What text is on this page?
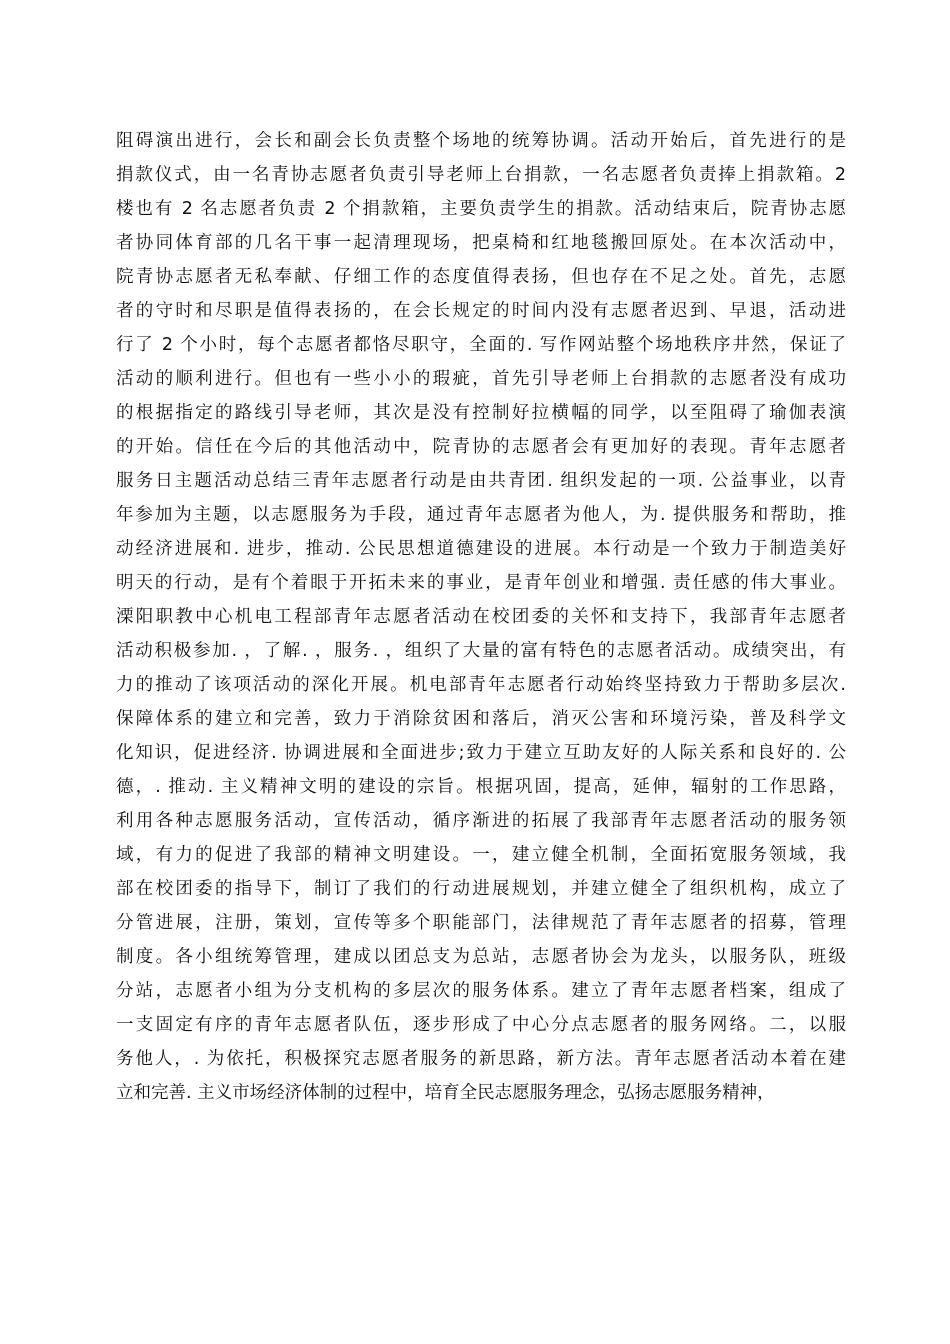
阻碍演出进行，会长和副会长负责整个场地的统筹协调。活动开始后，首先进行的是
捐款仪式，由一名青协志愿者负责引导老师上台捐款，一名志愿者负责捧上捐款箱。2
楼也有 2 名志愿者负责 2 个捐款箱，主要负责学生的捐款。活动结束后，院青协志愿
者协同体育部的几名干事一起清理现场，把桌椅和红地毯搬回原处。在本次活动中，
院青协志愿者无私奉献、仔细工作的态度值得表扬，但也存在不足之处。首先，志愿
者的守时和尽职是值得表扬的，在会长规定的时间内没有志愿者迟到、早退，活动进
行了 2 个小时，每个志愿者都恪尽职守，全面的. 写作网站整个场地秩序井然，保证了
活动的顺利进行。但也有一些小小的瑕疵，首先引导老师上台捐款的志愿者没有成功
的根据指定的路线引导老师，其次是没有控制好拉横幅的同学，以至阻碍了瑜伽表演
的开始。信任在今后的其他活动中，院青协的志愿者会有更加好的表现。青年志愿者
服务日主题活动总结三青年志愿者行动是由共青团. 组织发起的一项. 公益事业，以青
年参加为主题，以志愿服务为手段，通过青年志愿者为他人，为. 提供服务和帮助，推
动经济进展和. 进步，推动. 公民思想道德建设的进展。本行动是一个致力于制造美好
明天的行动，是有个着眼于开拓未来的事业，是青年创业和增强. 责任感的伟大事业。
溧阳职教中心机电工程部青年志愿者活动在校团委的关怀和支持下，我部青年志愿者
活动积极参加. ，了解. ，服务. ，组织了大量的富有特色的志愿者活动。成绩突出，有
力的推动了该项活动的深化开展。机电部青年志愿者行动始终坚持致力于帮助多层次.
保障体系的建立和完善，致力于消除贫困和落后，消灭公害和环境污染，普及科学文
化知识，促进经济. 协调进展和全面进步;致力于建立互助友好的人际关系和良好的. 公
德，. 推动. 主义精神文明的建设的宗旨。根据巩固，提高，延伸，辐射的工作思路，
利用各种志愿服务活动，宣传活动，循序渐进的拓展了我部青年志愿者活动的服务领
域，有力的促进了我部的精神文明建设。一，建立健全机制，全面拓宽服务领域，我
部在校团委的指导下，制订了我们的行动进展规划，并建立健全了组织机构，成立了
分管进展，注册，策划，宣传等多个职能部门，法律规范了青年志愿者的招募，管理
制度。各小组统筹管理，建成以团总支为总站，志愿者协会为龙头，以服务队，班级
分站，志愿者小组为分支机构的多层次的服务体系。建立了青年志愿者档案，组成了
一支固定有序的青年志愿者队伍，逐步形成了中心分点志愿者的服务网络。二，以服
务他人，. 为依托，积极探究志愿者服务的新思路，新方法。青年志愿者活动本着在建
立和完善. 主义市场经济体制的过程中，培育全民志愿服务理念，弘扬志愿服务精神，
